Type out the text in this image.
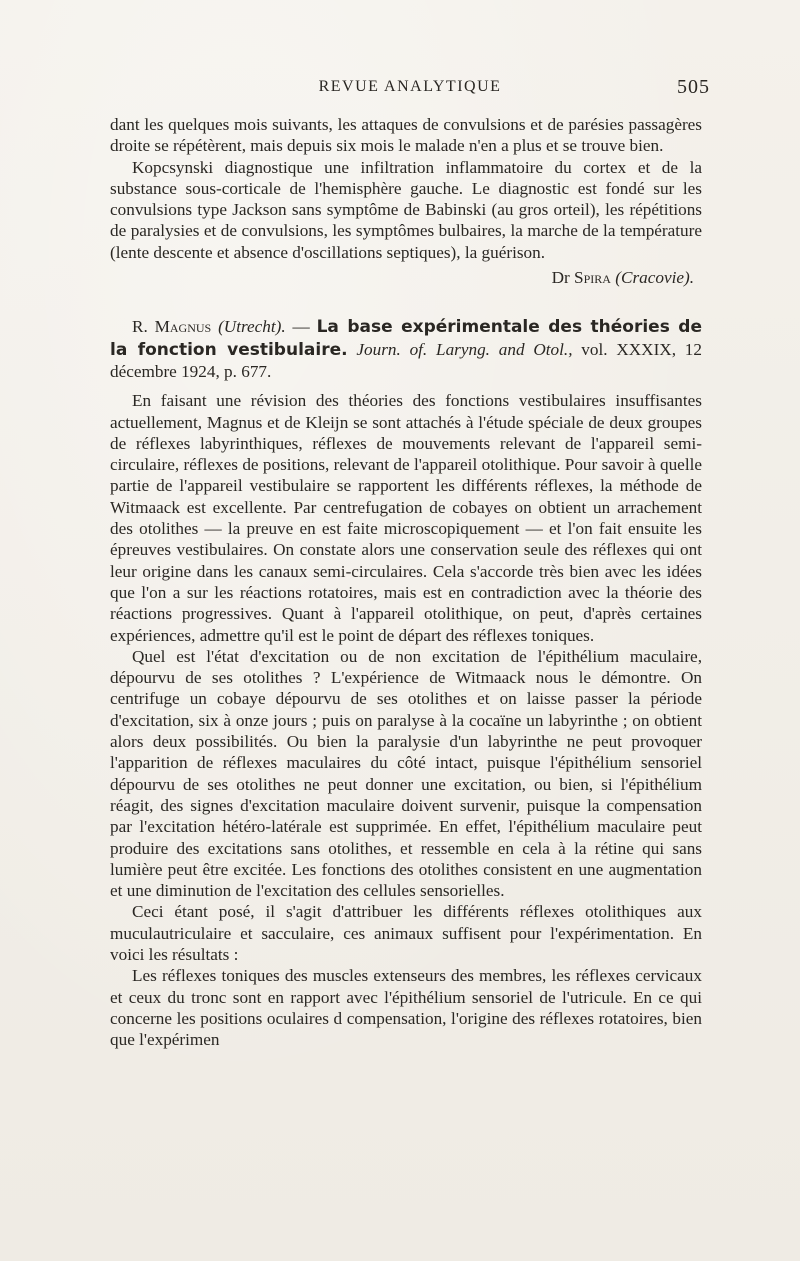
REVUE ANALYTIQUE	505

dant les quelques mois suivants, les attaques de convulsions et de parésies passagères droite se répétèrent, mais depuis six mois le malade n'en a plus et se trouve bien.

Kopcsynski diagnostique une infiltration inflammatoire du cortex et de la substance sous-corticale de l'hemisphère gauche. Le diagnostic est fondé sur les convulsions type Jackson sans symptôme de Babinski (au gros orteil), les répétitions de paralysies et de convulsions, les symptômes bulbaires, la marche de la température (lente descente et absence d'oscillations septiques), la guérison.

Dr Spira (Cracovie).

R. Magnus (Utrecht). — La base expérimentale des théories de la fonction vestibulaire. Journ. of. Laryng. and Otol., vol. XXXIX, 12 décembre 1924, p. 677.

En faisant une révision des théories des fonctions vestibulaires insuffisantes actuellement, Magnus et de Kleijn se sont attachés à l'étude spéciale de deux groupes de réflexes labyrinthiques, réflexes de mouvements relevant de l'appareil semi-circulaire, réflexes de positions, relevant de l'appareil otolithique. Pour savoir à quelle partie de l'appareil vestibulaire se rapportent les différents réflexes, la méthode de Witmaack est excellente. Par centrefugation de cobayes on obtient un arrachement des otolithes — la preuve en est faite microscopiquement — et l'on fait ensuite les épreuves vestibulaires. On constate alors une conservation seule des réflexes qui ont leur origine dans les canaux semi-circulaires. Cela s'accorde très bien avec les idées que l'on a sur les réactions rotatoires, mais est en contradiction avec la théorie des réactions progressives. Quant à l'appareil otolithique, on peut, d'après certaines expériences, admettre qu'il est le point de départ des réflexes toniques.

Quel est l'état d'excitation ou de non excitation de l'épithélium maculaire, dépourvu de ses otolithes ? L'expérience de Witmaack nous le démontre. On centrifuge un cobaye dépourvu de ses otolithes et on laisse passer la période d'excitation, six à onze jours ; puis on paralyse à la cocaïne un labyrinthe ; on obtient alors deux possibilités. Ou bien la paralysie d'un labyrinthe ne peut provoquer l'apparition de réflexes maculaires du côté intact, puisque l'épithélium sensoriel dépourvu de ses otolithes ne peut donner une excitation, ou bien, si l'épithélium réagit, des signes d'excitation maculaire doivent survenir, puisque la compensation par l'excitation hétéro-latérale est supprimée. En effet, l'épithélium maculaire peut produire des excitations sans otolithes, et ressemble en cela à la rétine qui sans lumière peut être excitée. Les fonctions des otolithes consistent en une augmentation et une diminution de l'excitation des cellules sensorielles.

Ceci étant posé, il s'agit d'attribuer les différents réflexes otolithiques aux muculautriculaire et sacculaire, ces animaux suffisent pour l'expérimentation. En voici les résultats :

Les réflexes toniques des muscles extenseurs des membres, les réflexes cervicaux et ceux du tronc sont en rapport avec l'épithélium sensoriel de l'utricule. En ce qui concerne les positions oculaires d compensation, l'origine des réflexes rotatoires, bien que l'expérimen
